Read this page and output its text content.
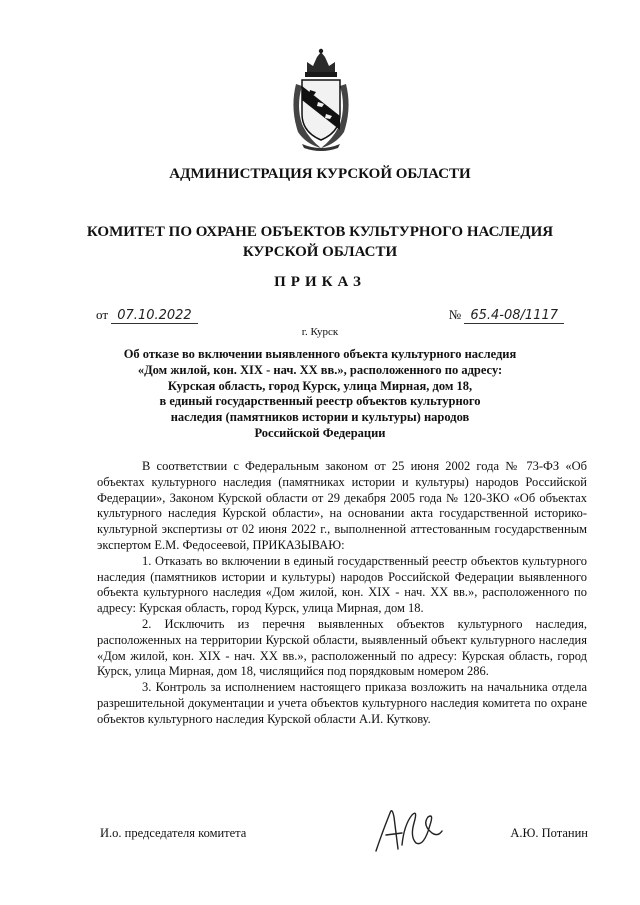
АДМИНИСТРАЦИЯ КУРСКОЙ ОБЛАСТИ
КОМИТЕТ ПО ОХРАНЕ ОБЪЕКТОВ КУЛЬТУРНОГО НАСЛЕДИЯ
КУРСКОЙ ОБЛАСТИ
ПРИКАЗ
от 07.10.2022	№ 65.4-08/1117
г. Курск
Об отказе во включении выявленного объекта культурного наследия
«Дом жилой, кон. XIX - нач. XX вв.», расположенного по адресу:
Курская область, город Курск, улица Мирная, дом 18,
в единый государственный реестр объектов культурного
наследия (памятников истории и культуры) народов
Российской Федерации

В соответствии с Федеральным законом от 25 июня 2002 года № 73-ФЗ «Об объектах культурного наследия (памятниках истории и культуры) народов Российской Федерации», Законом Курской области от 29 декабря 2005 года № 120-ЗКО «Об объектах культурного наследия Курской области», на основании акта государственной историко-культурной экспертизы от 02 июня 2022 г., выполненной аттестованным государственным экспертом Е.М. Федосеевой, ПРИКАЗЫВАЮ:

1. Отказать во включении в единый государственный реестр объектов культурного наследия (памятников истории и культуры) народов Российской Федерации выявленного объекта культурного наследия «Дом жилой, кон. XIX - нач. XX вв.», расположенного по адресу: Курская область, город Курск, улица Мирная, дом 18.

2. Исключить из перечня выявленных объектов культурного наследия, расположенных на территории Курской области, выявленный объект культурного наследия «Дом жилой, кон. XIX - нач. XX вв.», расположенный по адресу: Курская область, город Курск, улица Мирная, дом 18, числящийся под порядковым номером 286.

3. Контроль за исполнением настоящего приказа возложить на начальника отдела разрешительной документации и учета объектов культурного наследия комитета по охране объектов культурного наследия Курской области А.И. Куткову.

И.о. председателя комитета	А.Ю. Потанин
